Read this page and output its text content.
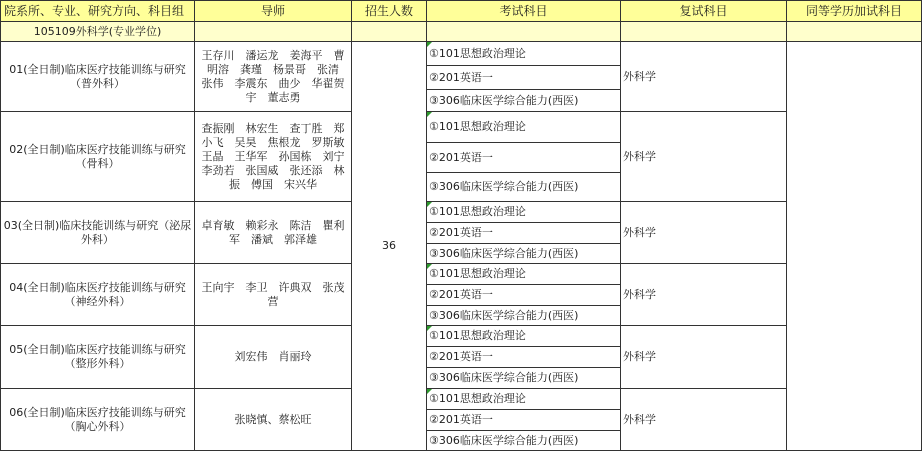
院系所、专业、研究方向、科目组	导师	招生人数	考试科目	复试科目	同等学历加试科目
105109外科学(专业学位)					
01(全日制)临床医疗技能训练与研究（普外科）	王存川　潘运龙　姜海平　曹明溶　龚瑾　杨景哥　张清　张伟　李震东　曲少　华翟贺宇　董志勇	36	①101思想政治理论	外科学	
			②201英语一		
			③306临床医学综合能力(西医)		
02(全日制)临床医疗技能训练与研究（骨科）	查振刚　林宏生　查丁胜　郑小飞　吴昊　焦根龙　罗斯敏　王晶　王华军　孙国栋　刘宁　李劲若　张国威　张还添　林振　傅国　宋兴华		①101思想政治理论	外科学	
			②201英语一		
			③306临床医学综合能力(西医)		
03(全日制)临床技能训练与研究（泌尿外科）	卓育敏　赖彩永　陈洁　瞿利军　潘斌　郭泽雄		①101思想政治理论	外科学	
			②201英语一		
			③306临床医学综合能力(西医)		
04(全日制)临床医疗技能训练与研究（神经外科）	王向宇　李卫　许典双　张茂营		①101思想政治理论	外科学	
			②201英语一		
			③306临床医学综合能力(西医)		
05(全日制)临床医疗技能训练与研究（整形外科）	刘宏伟　肖丽玲		①101思想政治理论	外科学	
			②201英语一		
			③306临床医学综合能力(西医)		
06(全日制)临床医疗技能训练与研究（胸心外科）	张晓慎、蔡松旺		①101思想政治理论	外科学	
			②201英语一		
			③306临床医学综合能力(西医)		
